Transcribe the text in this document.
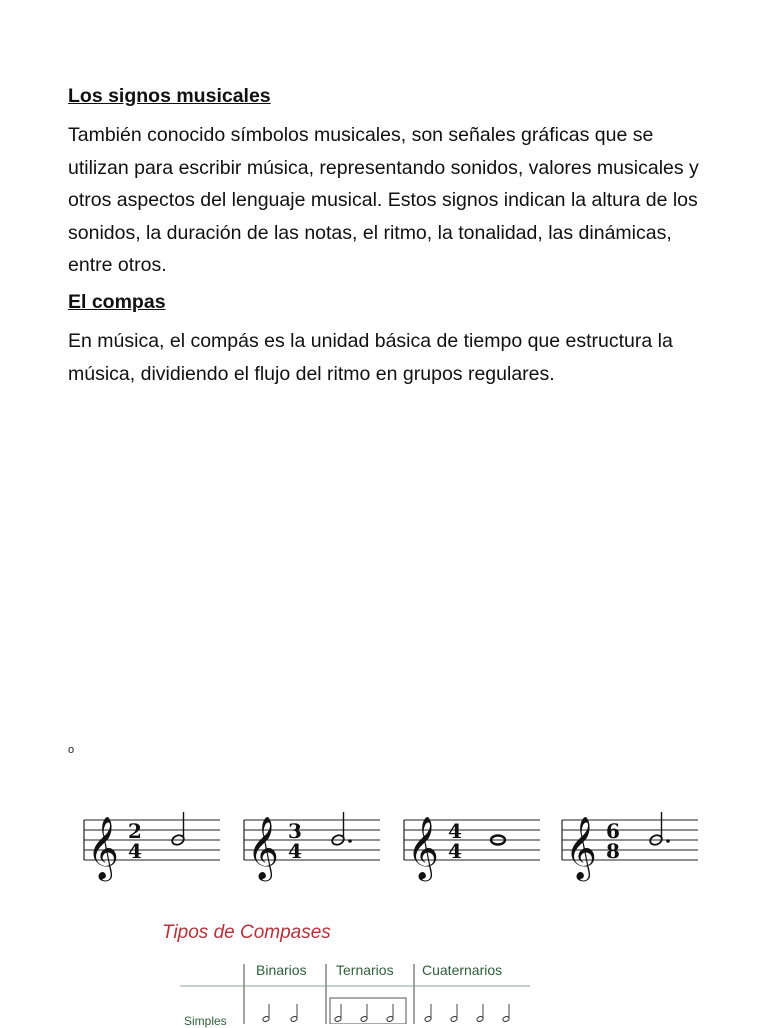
Los signos musicales

También conocido símbolos musicales, son señales gráficas que se utilizan para escribir música, representando sonidos, valores musicales y otros aspectos del lenguaje musical. Estos signos indican la altura de los sonidos, la duración de las notas, el ritmo, la tonalidad, las dinámicas, entre otros.

El compas

En música, el compás es la unidad básica de tiempo que estructura la música, dividiendo el flujo del ritmo en grupos regulares.

o
𝄞 2
4 𝄞 3
4 𝄞 4
4 𝄞 6
8
Tipos de Compases
Binarios Ternarios Cuaternarios
Simples
